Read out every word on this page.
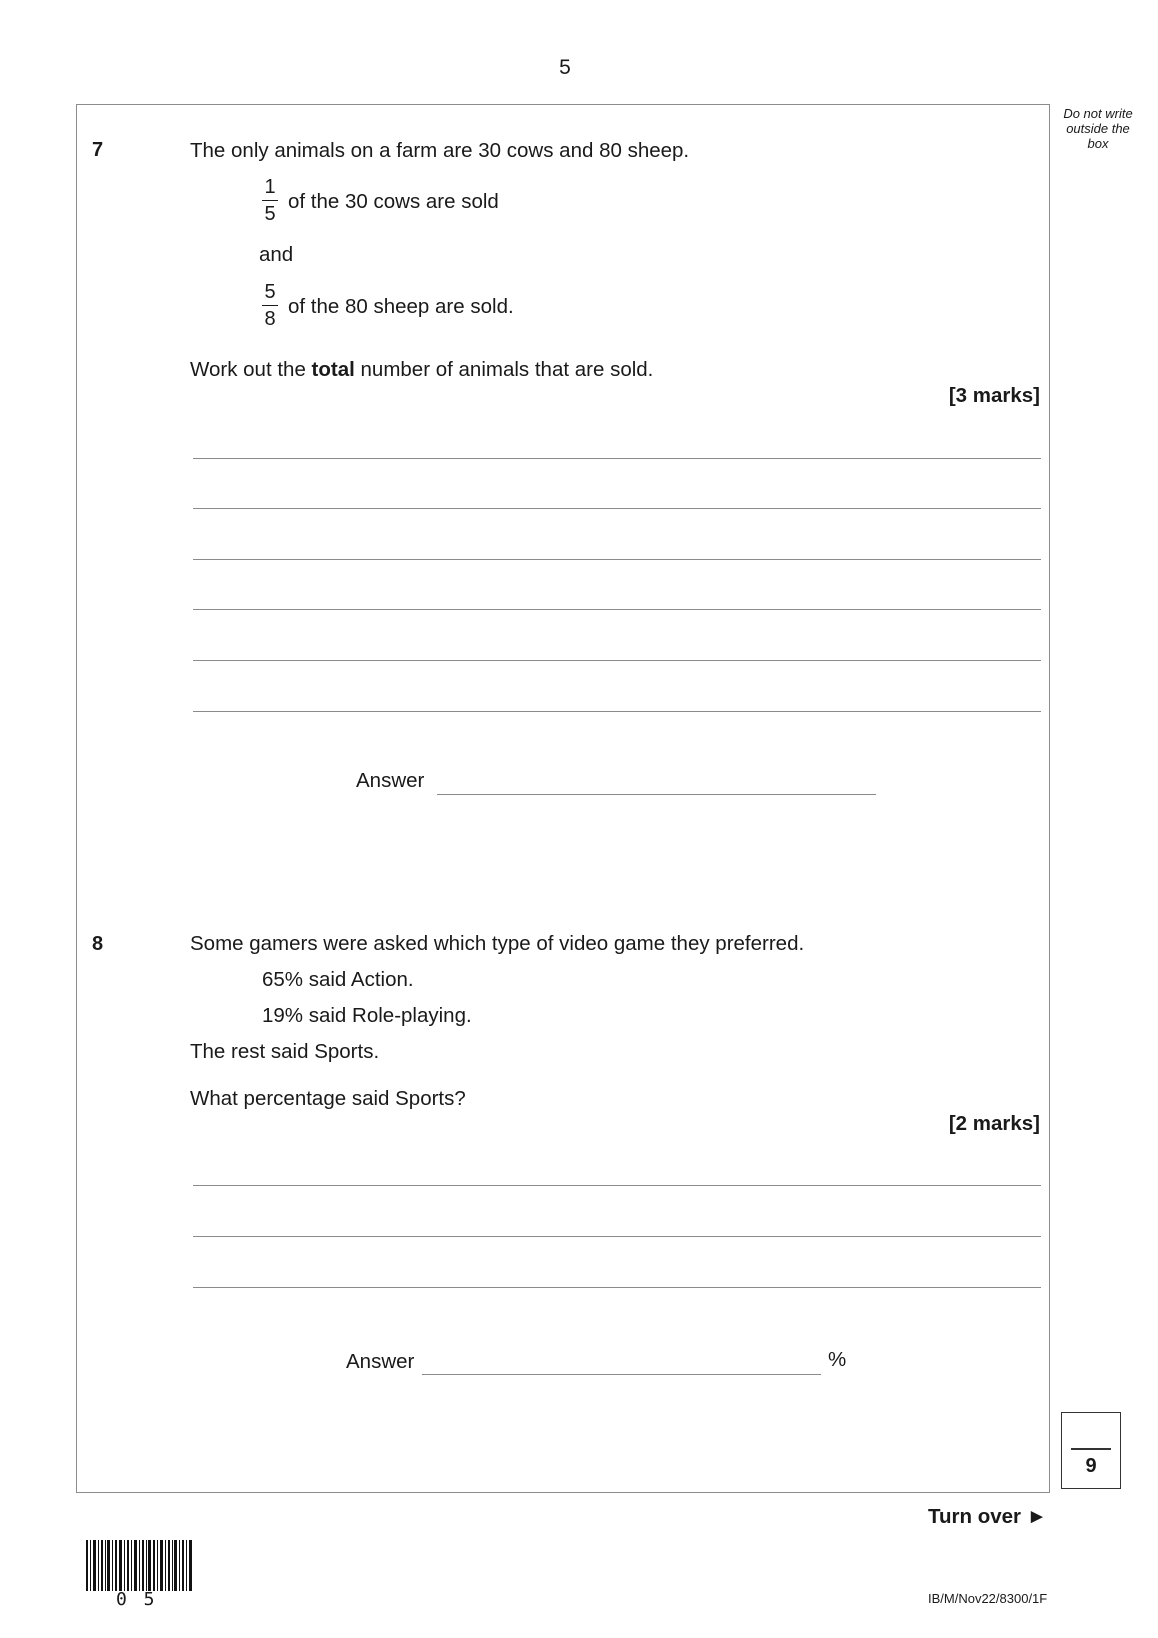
5
Do not write outside the box
7	The only animals on a farm are 30 cows and 80 sheep.
1
5
of the 30 cows are sold
and
5
8
of the 80 sheep are sold.
Work out the total number of animals that are sold.
[3 marks]
Answer
8	Some gamers were asked which type of video game they preferred.
65% said Action.
19% said Role-playing.
The rest said Sports.
What percentage said Sports?
[2 marks]
Answer	%
9
Turn over ►
0 5	IB/M/Nov22/8300/1F
